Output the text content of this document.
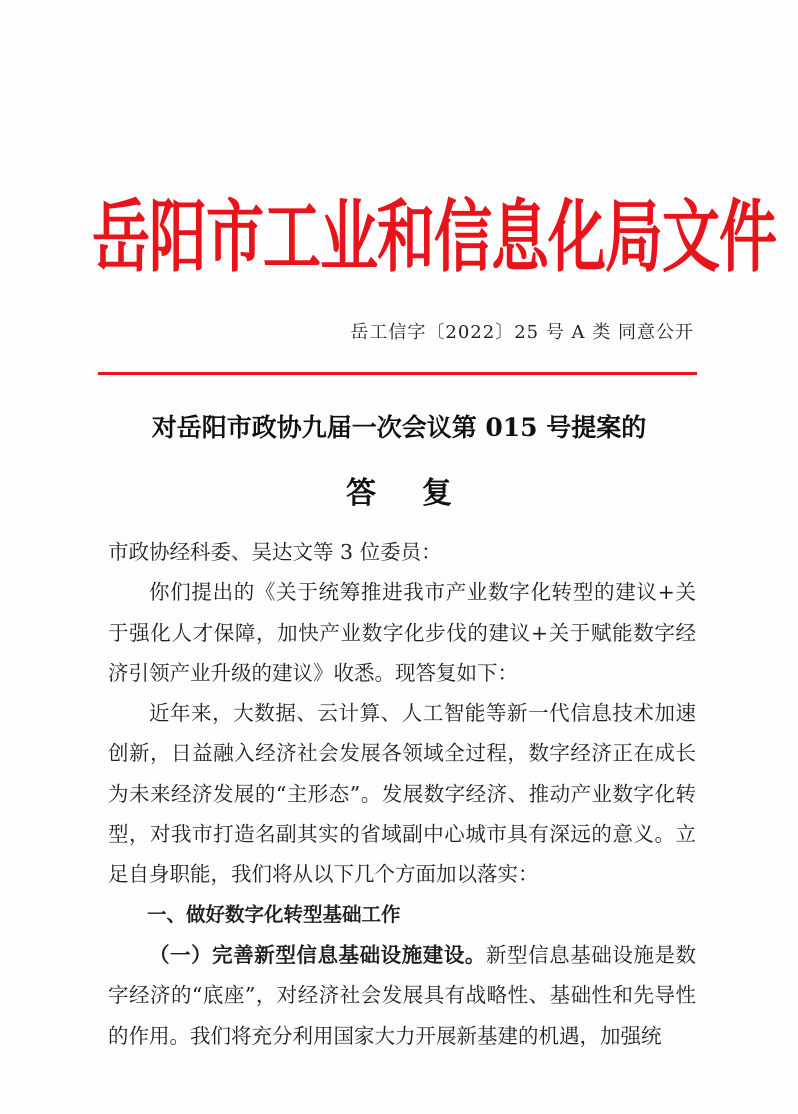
岳阳市工业和信息化局文件
岳工信字〔2022〕25 号 A 类 同意公开
对岳阳市政协九届一次会议第 015 号提案的
答复

市政协经科委、吴达文等 3 位委员：

你们提出的《关于统筹推进我市产业数字化转型的建议+关于强化人才保障，加快产业数字化步伐的建议+关于赋能数字经济引领产业升级的建议》收悉。现答复如下：

近年来，大数据、云计算、人工智能等新一代信息技术加速创新，日益融入经济社会发展各领域全过程，数字经济正在成长为未来经济发展的“主形态”。发展数字经济、推动产业数字化转型，对我市打造名副其实的省域副中心城市具有深远的意义。立足自身职能，我们将从以下几个方面加以落实：

一、做好数字化转型基础工作

（一）完善新型信息基础设施建设。新型信息基础设施是数字经济的“底座”，对经济社会发展具有战略性、基础性和先导性的作用。我们将充分利用国家大力开展新基建的机遇，加强统
